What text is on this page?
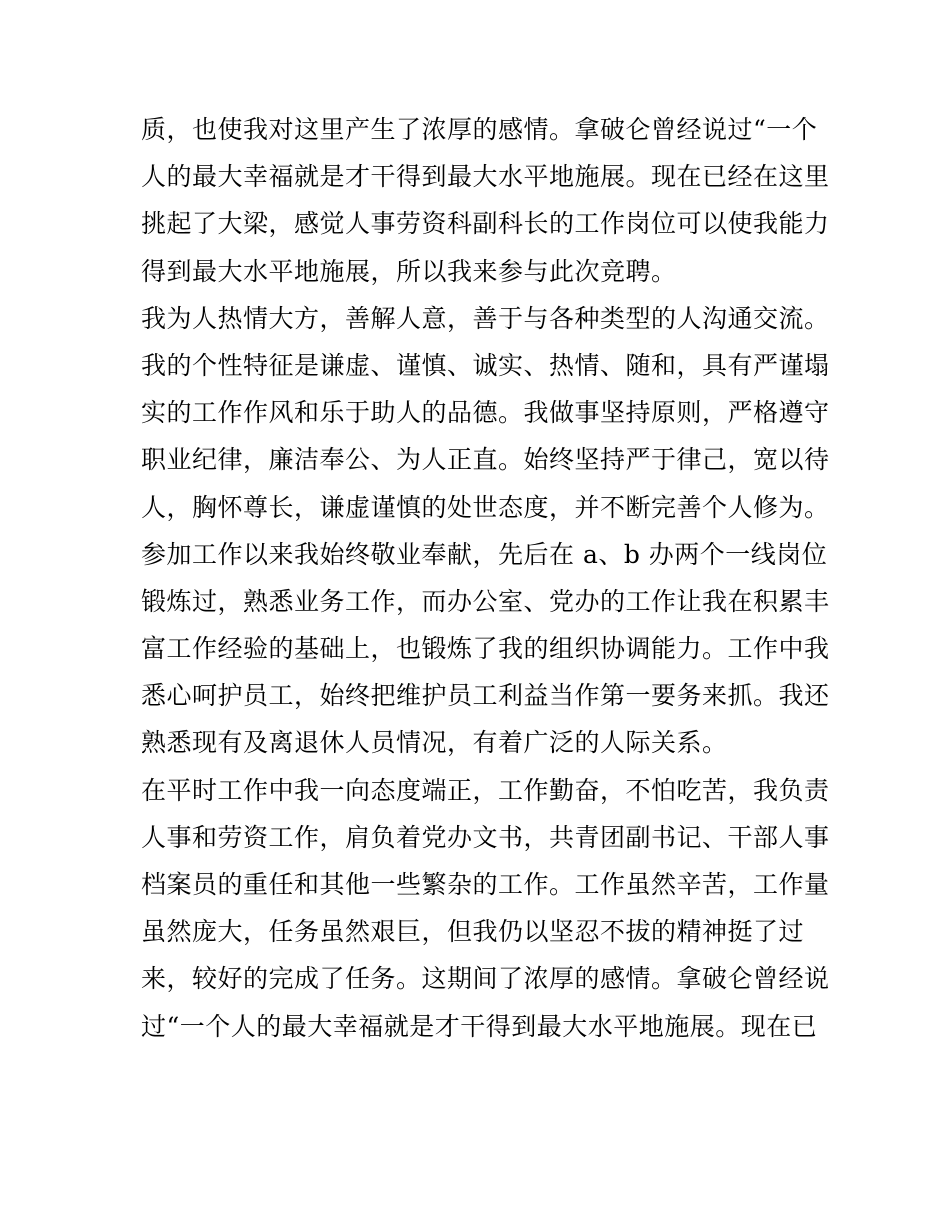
质，也使我对这里产生了浓厚的感情。拿破仑曾经说过“一个
人的最大幸福就是才干得到最大水平地施展。现在已经在这里
挑起了大梁，感觉人事劳资科副科长的工作岗位可以使我能力
得到最大水平地施展，所以我来参与此次竞聘。
我为人热情大方，善解人意，善于与各种类型的人沟通交流。
我的个性特征是谦虚、谨慎、诚实、热情、随和，具有严谨塌
实的工作作风和乐于助人的品德。我做事坚持原则，严格遵守
职业纪律，廉洁奉公、为人正直。始终坚持严于律己，宽以待
人，胸怀尊长，谦虚谨慎的处世态度，并不断完善个人修为。
参加工作以来我始终敬业奉献，先后在 a、b 办两个一线岗位
锻炼过，熟悉业务工作，而办公室、党办的工作让我在积累丰
富工作经验的基础上，也锻炼了我的组织协调能力。工作中我
悉心呵护员工，始终把维护员工利益当作第一要务来抓。我还
熟悉现有及离退休人员情况，有着广泛的人际关系。
在平时工作中我一向态度端正，工作勤奋，不怕吃苦，我负责
人事和劳资工作，肩负着党办文书，共青团副书记、干部人事
档案员的重任和其他一些繁杂的工作。工作虽然辛苦，工作量
虽然庞大，任务虽然艰巨，但我仍以坚忍不拔的精神挺了过
来，较好的完成了任务。这期间了浓厚的感情。拿破仑曾经说
过“一个人的最大幸福就是才干得到最大水平地施展。现在已
